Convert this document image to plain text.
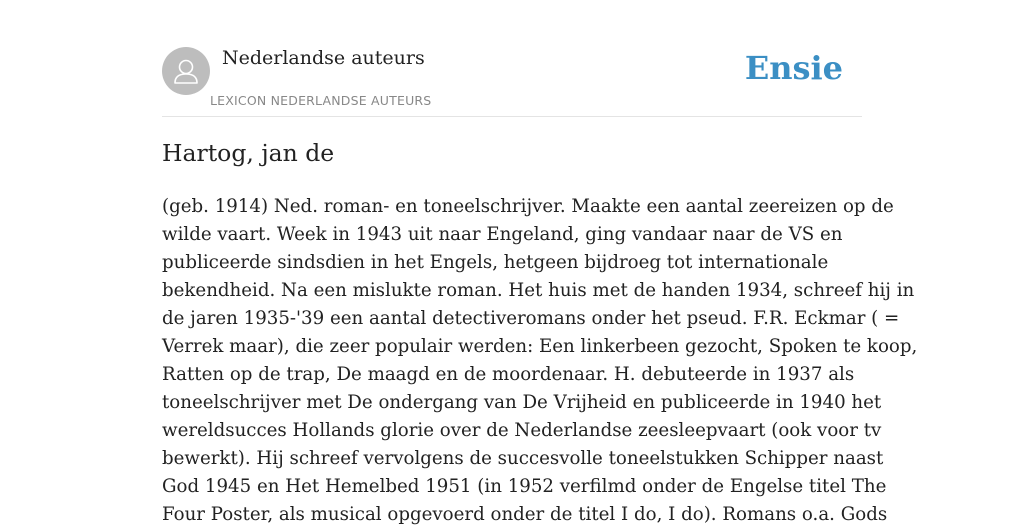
Nederlandse auteurs
LEXICON NEDERLANDSE AUTEURS
Ensie
Hartog, jan de
(geb. 1914) Ned. roman- en toneelschrijver. Maakte een aantal zeereizen op de
wilde vaart. Week in 1943 uit naar Engeland, ging vandaar naar de VS en
publiceerde sindsdien in het Engels, hetgeen bijdroeg tot internationale
bekendheid. Na een mislukte roman. Het huis met de handen 1934, schreef hij in
de jaren 1935-'39 een aantal detectiveromans onder het pseud. F.R. Eckmar ( =
Verrek maar), die zeer populair werden: Een linkerbeen gezocht, Spoken te koop,
Ratten op de trap, De maagd en de moordenaar. H. debuteerde in 1937 als
toneelschrijver met De ondergang van De Vrijheid en publiceerde in 1940 het
wereldsucces Hollands glorie over de Nederlandse zeesleepvaart (ook voor tv
bewerkt). Hij schreef vervolgens de succesvolle toneelstukken Schipper naast
God 1945 en Het Hemelbed 1951 (in 1952 verfilmd onder de Engelse titel The
Four Poster, als musical opgevoerd onder de titel I do, I do). Romans o.a. Gods
